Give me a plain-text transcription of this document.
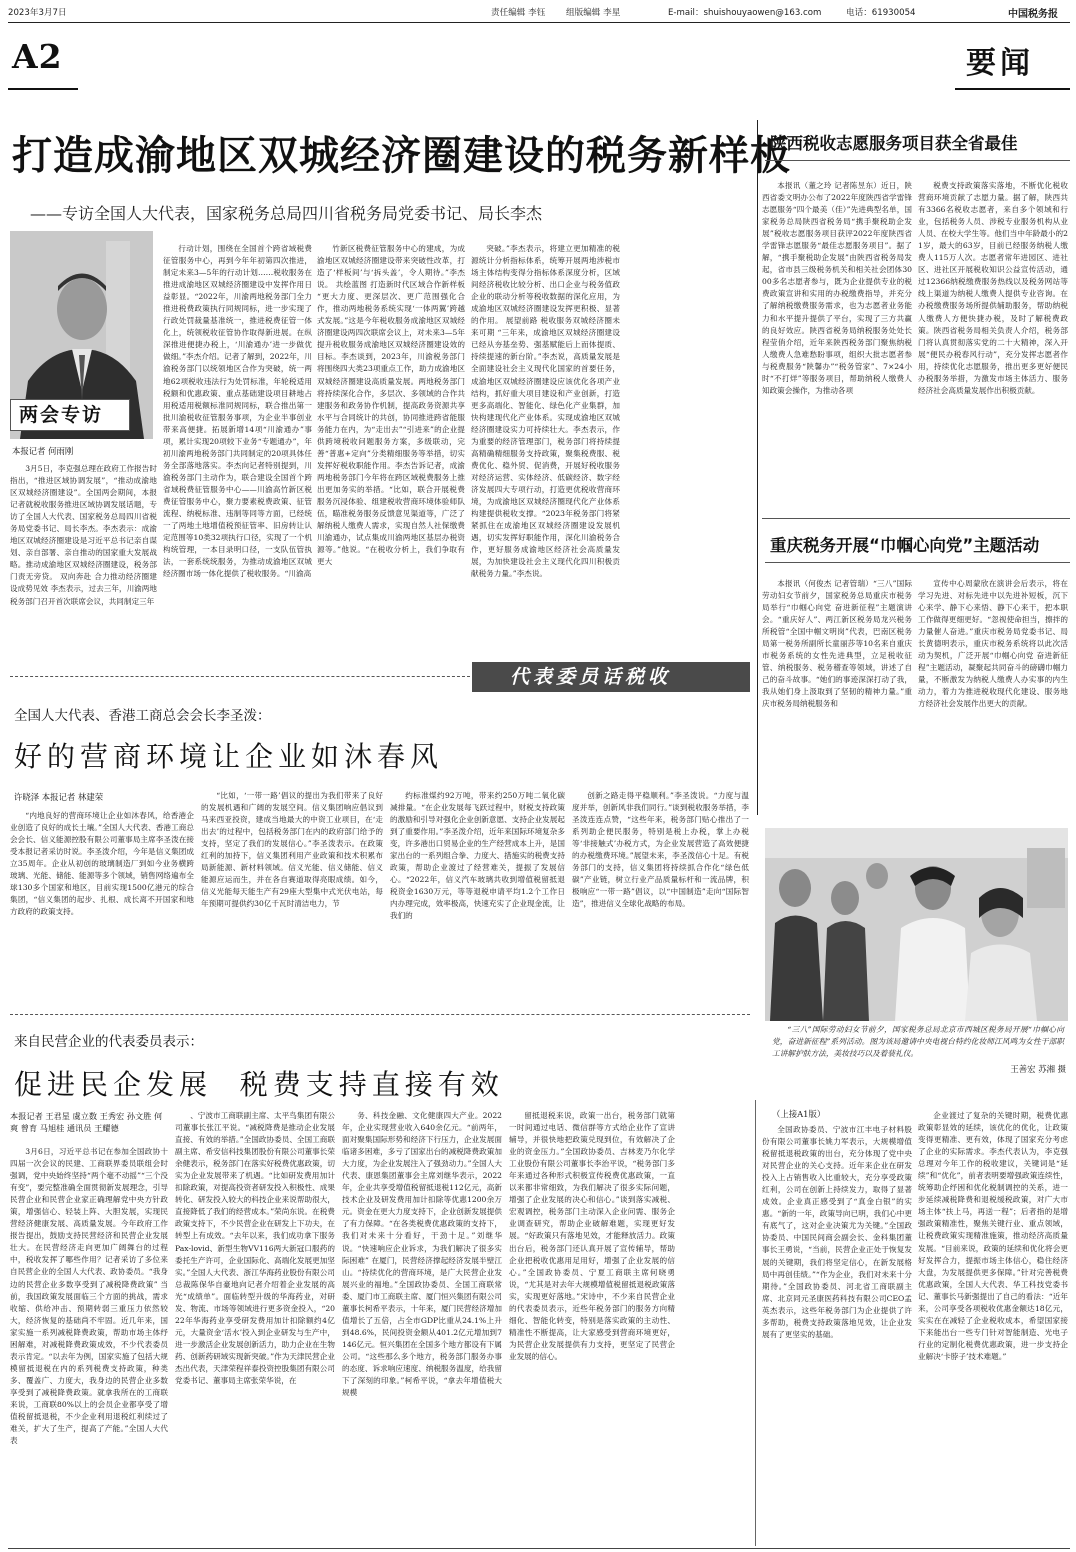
2023年3月7日	责任编辑 李钰 组版编辑 李星	E-mail：shuishouyaowen@163.com	电话：61930054	中国税务报
A2	要闻
打造成渝地区双城经济圈建设的税务新样板
——专访全国人大代表，国家税务总局四川省税务局党委书记、局长李杰
两会专访
本报记者 何雨刚
3月5日，李克强总理在政府工作报告时指出，“推进区域协调发展”，“推动成渝地区双城经济圈建设”。全国两会期间，本报记者就税收服务推进区域协调发展话题，专访了全国人大代表、国家税务总局四川省税务局党委书记、局长李杰。李杰表示：成渝地区双城经济圈建设是习近平总书记亲自谋划、亲自部署、亲自推动的国家重大发展战略。推动成渝地区双城经济圈建设，税务部门责无旁贷。 双向奔赴 合力推动经济圈建设成势见效 李杰表示，过去三年，川渝两地税务部门召开首次联席会议，共同制定三年
行动计划，围绕在全国首个跨省域税费征管服务中心，再到今年年初第四次推进，制定未来3—5年的行动计划……税收服务在推进成渝地区双城经济圈建设中发挥作用日益彰显。“2022年，川渝两地税务部门全力推进税费政策执行同规同标，进一步实现了行政处罚裁量基准统一，推进税费征管一体化上，统领税收征管协作取得新进展。在纵深推进便捷办税上，‘川渝通办’进一步做优做细。”李杰介绍。记者了解到，2022年，川渝税务部门以统领地区合作为突破，统一两地62项税收违法行为处罚标准，年轮税适用税额和优惠政策、重点基础建设项目耕地占用税适用税额标准同规同标，联合推出第一批川渝税收征管服务事项，为企业半事创业带来高便捷。拓展新增14项“川渝通办”事项，累计实现20项较下业务“专题通办”，年初川渝两地税务部门共同制定的20项具体任务全部落地落实。李杰向记者特别提到，川渝税务部门主动作为，联合建设全国首个跨省域税费征管服务中心——川渝高竹新区税费征管服务中心，聚力要素税费政策、征管流程、纳税标准、违制等同等方面，已经统一了两地土地增值税预征管率、旧房转让认定范围等10类32项执行口径，实现了一个机构统管理，一本目录明口径，一支队伍管执法，一套系统统服务，为推动成渝地区双城经济圈市场一体化提供了税收服务。“川渝高
竹新区税费征管服务中心的建成，为成渝地区双城经济圈建设带来突破性改革，打造了‘样板间’与‘拆头盖’，令人期待。”李杰说。 共绘蓝图 打造新时代区域合作新样板 “更大力度、更深层次、更广范围强化合作，推动两地税务系统实现‘一体两翼’跨越式发展。”这是今年税收服务成渝地区双城经济圈建设两四次联席会议上，对未来3—5年提升税收服务成渝地区双城经济圈建设效的目标。李杰谈到，2023年，川渝税务部门将围绕四大类23项重点工作，助力成渝地区双城经济圈建设高质量发展。两地税务部门将持续深化合作，多层次、多领域的合作共建服务和政务协作机制，提高政务资源共享水平与合同统计的共创，协同推进跨省能服务能力在内，为“走出去”“引进来”的企业提供跨境税收问题服务方案，多级联动，完善“普惠+定向”分类精细服务等举措，切实发挥好税收职能作用。李杰告诉记者，成渝两地税务部门今年将在跨区域税费服务上推出更加务实的举措。“比如，联合开展税费服务沉浸体验、组建税收营商环境体验师队伍，瞄准税务服务反馈意见渠道等，广泛了解纳税人缴费人需求，实现自然人社保缴费川渝通办，试点集成川渝两地区基层办税资源等。”他说。“在税收分析上，我们争取有更大
突破。”李杰表示，将建立更加精准的税源统计分析指标体系，统筹开展两地涉税市场主体结构变得分指标体系深度分析，区域间经济税收比较分析、出口企业与税务值政企业的联动分析等税收数据的深化应用，为成渝地区双城经济圈建设发挥更积极、显著的作用。 展望前路 税收服务双城经济圈未来可期 “三年来，成渝地区双城经济圈建设已经从夯基垒势、强基赋能后上而体提质、持续提速的新台阶。”李杰说，高质量发展是全面建设社会主义现代化国家的首要任务，成渝地区双城经济圈建设应该优化各项产业结构，抓好重大项目建设和产业创新，打造更多高端化、智能化、绿色化产业集群，加快构建现代化产业体系。实现成渝地区双城经济圈建设实力可持续壮大。李杰表示，作为重要的经济管理部门，税务部门将持续提高精确精细服务支持政策，聚集税费服、税费优化、稳外贸、促消费，开展好税收服务对经济运营、实体经济、低碳经济、数字经济发展四大专项行动，打造更优税收营商环境，为成渝地区双城经济圈现代化产业体系构建提供税收支撑。“2023年税务部门将紧紧抓住在成渝地区双城经济圈建设发展机遇，切实发挥好职能作用，深化川渝税务合作，更好服务成渝地区经济社会高质量发展，为加快建设社会主义现代化四川积极贡献税务力量。”李杰说。
代表委员话税收
全国人大代表、香港工商总会会长李圣泼：
好的营商环境让企业如沐春风
许晓泽 本报记者 林建荣
“内地良好的营商环境让企业如沐春风，给香港企业创造了良好的成长土壤。”全国人大代表、香港工商总会会长、信义能源控股有限公司董事局主席李圣泼在接受本报记者采访时说。李圣泼介绍，今年是信义集团成立35周年。企业从初创的玻璃制造厂到如今业务横跨玻璃、光能、储能、能源等多个领域，销售网络遍布全球130多个国家和地区，目前实现1500亿港元的综合集团，“信义集团的起步、扎根、成长离不开国家和地方政府的政策支持。
“比如，‘一带一路’倡议的提出为我们带来了良好的发展机遇和广阔的发展空间。信义集团响应倡议到马来西亚投资，建成当地最大的中资工业项目，在‘走出去’的过程中，包括税务部门在内的政府部门给予的支持，坚定了我们的发展信心。”李圣泼表示。在政策红利的加持下，信义集团利用产业政策和技术积累布局新能源、新材料领域。信义光能、信义储能、信义能源应运而生，并在各自赛道取得亮眼成绩。如今，信义光能每天能生产有29座大型集中式光伏电站，每年预期可提供约30亿千瓦时清洁电力，节
约标准煤约92万吨，带来约250万吨二氧化碳减排量。“在企业发展每飞跃过程中，财税支持政策的激励和引导对强化企业创新意愿、支持企业发展起到了重要作用。”李圣泼介绍，近年来国际环境复杂多变，许多港出口贸易企业的生产经营成本上升，是国家出台的一系列组合拳、力度大、措施实的税费支持政策，帮助企业渡过了经营难关，提振了发展信心。“2022年，信义汽车玻璃共收到增值税留抵退税资金1630万元，等等退税申请平均1.2个工作日内办理完成，效率极高，快速充实了企业现金流，让我们的
创新之路走得平稳顺利。”李圣泼说。“力度与温度并举，创新风非我们同行。”谈到税收服务举措，李圣泼连连点赞，“这些年来，税务部门贴心推出了一系列助企便民服务，特别是税上办税，掌上办税等‘非接触式’办税方式，为企业发展营造了高效便捷的办税缴费环境。”展望未来，李圣泼信心十足。有税务部门的支持，信义集团将持续抓合作化“绿色低碳”产业链，树立行业产品质量标杆和一流品牌，积极响应“一带一路”倡议，以“中国制造”走向“国际智造”，推进信义全球化战略的布局。
陕西税收志愿服务项目获全省最佳
本报讯（董之玲 记者陈昱东）近日，陕西省委文明办公布了2022年度陕西省学雷锋志愿服务“四个最美（佳）”先进典型名单，国家税务总局陕西省税务局“携手聚税助企发展”税收志愿服务项目获评2022年度陕西省学雷锋志愿服务“最佳志愿服务项目”。据了解，“携手聚税助企发展”由陕西省税务局发起，省市县三级税务机关和相关社会团体3000多名志愿者参与，既为企业提供专业的税费政策宣讲和实用的办税缴费指导，并充分了解纳税缴费服务需求，也为志愿者业务能力和水平提升提供了平台，实现了三方共赢的良好效应。陕西省税务局纳税服务处处长程莹俏介绍，近年来陕西税务部门聚焦纳税人缴费人急难愁盼事项，组织大批志愿者参与税费服务“陕馨办”“税务管家”、7×24小时“不打烊”等服务项目，帮助纳税人缴费人知政策会操作，为推动各项
税费支持政策落实落地，不断优化税收营商环境贡献了志愿力量。据了解，陕西共有3366名税收志愿者，来自多个领域和行业，包括税务人员、涉税专业服务机构从业人员、在校大学生等。他们当中年龄最小的21岁，最大的63岁，目前已经服务纳税人缴费人115万人次。志愿者常年进园区、进社区、进社区开展税收知识公益宣传活动，通过12366纳税缴费服务热线以及税务网站等线上渠道为纳税人缴费人提供专业咨询。在办税缴费服务场所提供辅助服务，帮助纳税人缴费人方便快捷办税，及时了解税费政策。陕西省税务局相关负责人介绍，税务部门将认真贯彻落实党的二十大精神，深入开展“便民办税春风行动”，充分发挥志愿者作用，持续优化志愿服务，推出更多更好便民办税服务举措，为激发市场主体活力、服务经济社会高质量发展作出积极贡献。
重庆税务开展“巾帼心向党”主题活动
本报讯（何俊杰 记者管瑞）“三八”国际劳动妇女节前夕，国家税务总局重庆市税务局举行“巾帼心向党 奋进新征程”主题演讲会。“重庆好人”、两江新区税务局龙兴税务所税管“全国中帼文明岗”代表，巴南区税务局第一税务所副所长童丽莎等10名来自重庆市税务系统的女性先进典型，立足税收征管、纳税服务、税务稽查等领域，讲述了自己的奋斗故事。“她们的事迹深深打动了我，我从她们身上汲取到了坚韧的精神力量。”重庆市税务局纳税服务和
宣传中心周蒙欣在演讲会后表示，将在学习先进、对标先进中以先进补短板，沉下心来学、静下心来悟、静下心来干，把本职工作做得更细更好。“忽视使命担当，擦拌的力量催人奋进。”重庆市税务局党委书记、局长黄德明表示，重庆市税务系统将以此次活动为契机，广泛开展“巾帼心向党 奋进新征程”主题活动，凝聚起共同奋斗的磅礴巾帼力量，不断激发为纳税人缴费人办实事的内生动力，着力为推进税收现代化建设、服务地方经济社会发展作出更大的贡献。
“三八”国际劳动妇女节前夕，国家税务总局北京市西城区税务局开展“巾帼心向党，奋进新征程”系列活动。图为该局邀请中央电视台特约化妆师江风鸣为女性干部职工讲解护肤方法，美妆技巧以及着装礼仪。
王善宏 苏湘 摄
来自民营企业的代表委员表示：
促进民企发展  税费支持直接有效
本报记者 王君星 虞立数 王秀宏 孙文胜 何爽 曾育 马旭桂 通讯员 王耀德
3月6日，习近平总书记在参加全国政协十四届一次会议的民建、工商联界委员联组会时强调，党中央始终坚持“两个毫不动摇”“三个没有变”，要完整准确全面贯彻新发展理念，引导民营企业和民营企业家正确理解党中央方针政策，增强信心、轻装上阵、大胆发展，实现民营经济健康发展、高质量发展。今年政府工作报告提出，鼓励支持民营经济和民营企业发展壮大。在民营经济走向更加广阔舞台的过程中，税收发挥了哪些作用？记者采访了多位来自民营企业的全国人大代表、政协委员。“我身边的民营企业多数享受到了减税降费政策” 当前，我国政策发展面临三个方面的挑战，需求收缩、供给冲击、预期转弱三重压力依然较大，经济恢复的基础尚不牢固。近几年来，国家实施一系列减税降费政策，帮助市场主体纾困解难，对减税降费政策成效，不少代表委员表示肯定。“以去年为例，国家实施了包括大规模留抵退税在内的系列税费支持政策，种类多、覆盖广、力度大，我身边的民营企业多数享受到了减税降费政策。就拿我所在的工商联来说，工商联80%以上的会员企业都享受了增值税留抵退税，不少企业利用退税红利续过了难关，扩大了生产，提高了产能。”全国人大代表
、宁波市工商联副主席、太平鸟集团有限公司董事长张江平说。“减税降费是推动企业发展直接、有效的举措。”全国政协委员、全国工商联副主席、希安信科技集团股份有限公司董事长荣余健表示，税务部门在落实好税费优惠政策，切实为企业发展带来了机遇。“比如研发费用加计扣除政策，对提高投资者研发投入积极性、成果转化、研发投入较大的科技企业来说帮助很大，直接降低了我们的经营成本。”荣尚东说。在税费政策支持下，不少民营企业在研发上下功夫，在转型上有成效。“去年以来，我们成功拿下服务Pax-lovid、新型生物VV116两大新冠口服药的委托生产许可，企业国际化、高端化发展更加坚实。”全国人大代表、浙江华海药业股份有限公司总裁陈保华自豪地向记者介绍着企业发展的高光“成绩单”。面临转型升级的华海药业，对研发、物流、市场等领域进行更多资金投入，“2022年华海药业享受研发费用加计扣除额约4亿元，大量资金‘活水’投入到企业研发与生产中，进一步激活企业发展创新活力，助力企业在生物药、创新药研域实现新突破。”作为天津民营企业杰出代表，天津荣程祥泰投资控股集团有限公司党委书记、董事局主席张荣华说，在
务、科技金融、文化健康四大产业。2022年，企业实现营业收入640余亿元。“前两年，面对聚集国际形势和经济下行压力，企业发展面临诸多困难，多亏了国家出台的减税降费政策加大力度，为企业发展注入了强劲动力。”全国人大代表、康恩集团董事会主席刘继华表示，2022年，企业共享受增值税留抵退税112亿元，高新技术企业及研发费用加计扣除等优惠1200余万元。资金在更大力度支持下，企业创新发展提供了有力保障。“在各类税费优惠政策的支持下，我们对未来十分看好，干劲十足。”刘继华说。“快速响应企业诉求，为我们解决了很多实际困难” 在厦门，民营经济撑起经济发展半壁江山。“持续优化的营商环境，是广大民营企业发展兴业的福地。”全国政协委员、全国工商联常委、厦门市工商联主席、厦门恒兴集团有限公司董事长柯希平表示，十年来，厦门民营经济增加值增长了五倍，占全市GDP比重从24.1%上升到48.6%，民间投资金额从401.2亿元增加到7146亿元。恒兴集团在全国多个地方都设有下属公司。“这些那么多个地方，税务部门服务办事的态度、诉求响应速度、纳税服务温度，给我留下了深刻的印象。”柯希平说，“拿去年增值税大规模
留抵退税来说，政策一出台，税务部门就第一时间通过电话、微信群等方式给企业作了宣讲辅导，并很快地把政策兑现到位，有效解决了企业的资金压力。”全国政协委员、吉林麦乃尔化学工业股份有限公司董事长李治平说，“税务部门多年来通过各种形式积极宣传税费优惠政策，一直以来都非常细致，为我们解决了很多实际问题，增强了企业发展的决心和信心。”谈到落实减税、宏观调控，税务部门主动深入企业问需、服务企业调查研究，帮助企业破解难题，实现更好发展。“好政策只有落地见效，才能释放活力。政策出台后，税务部门还认真开展了宣传辅导，帮助企业把税收优惠用足用好，增强了企业发展的信心。”全国政协委员、宁夏工商联主席何晓勇说，“尤其是对去年大规模增值税留抵退税政策落实，实现更好落地。”宋诗中，不少来自民营企业的代表委员表示，近些年税务部门的服务方向精细化、智能化转变，特别是落实政策的主动性、精准性不断提高，让大家感受到营商环境更好，为民营企业发展提供有力支持，更坚定了民营企业发展的信心。
（上接A1版）
全国政协委员、宁波市江丰电子材料股份有限公司董事长姚力军表示，大规模增值税留抵退税政策的出台，充分体现了党中央对民营企业的关心支持。近年来企业在研发投入上占销售收入比重较大，充分享受政策红利，公司在创新上持续发力，取得了显著成效。企业真正感受到了“真金白银”的实惠。“新的一年，政策导向已明，我们心中更有底气了，这对企业决策尤为关键。”全国政协委员、中国民间商会副会长、金科集团董事长王勇说，“当前，民营企业正处于恢复发展的关键期，我们将坚定信心，在新发展格局中再创佳绩。”“作为企业，我们对未来十分期待。”全国政协委员、河北省工商联副主席、北京同元圣康医药科技有限公司CEO孟英杰表示，这些年税务部门为企业提供了许多帮助，税费支持政策落地见效，让企业发展有了更坚实的基础。
企业渡过了复杂的关键时期，税费优惠政策彰显效的延续，该优化的优化，让政策变得更精准、更有效，体现了国家充分考虑了企业的实际需求。李杰代表认为，李克强总理对今年工作的税收建议，关键词是“延续”和“优化”，前者表明要增强政策连续性，统筹助企纾困和优化税制调控的关系，进一步延续减税降费和退税缓税政策，对广大市场主体“扶上马，再送一程”；后者指的是增强政策精准性，聚焦关键行业、重点领域，让税费政策实现精准施策，推动经济高质量发展。“目前来说，政策的延续和优化将会更好发挥合力，提振市场主体信心，稳住经济大盘，为发展提供更多保障。”针对完善税费优惠政策，全国人大代表、华工科技党委书记、董事长马新强提出了自己的看法：“近年来，公司享受各项税收优惠金额达18亿元，实实在在减轻了企业税收成本，希望国家接下来能出台一些专门针对智能制造、光电子行业的定制化税费优惠政策，进一步支持企业解决‘卡脖子’技术难题。”
